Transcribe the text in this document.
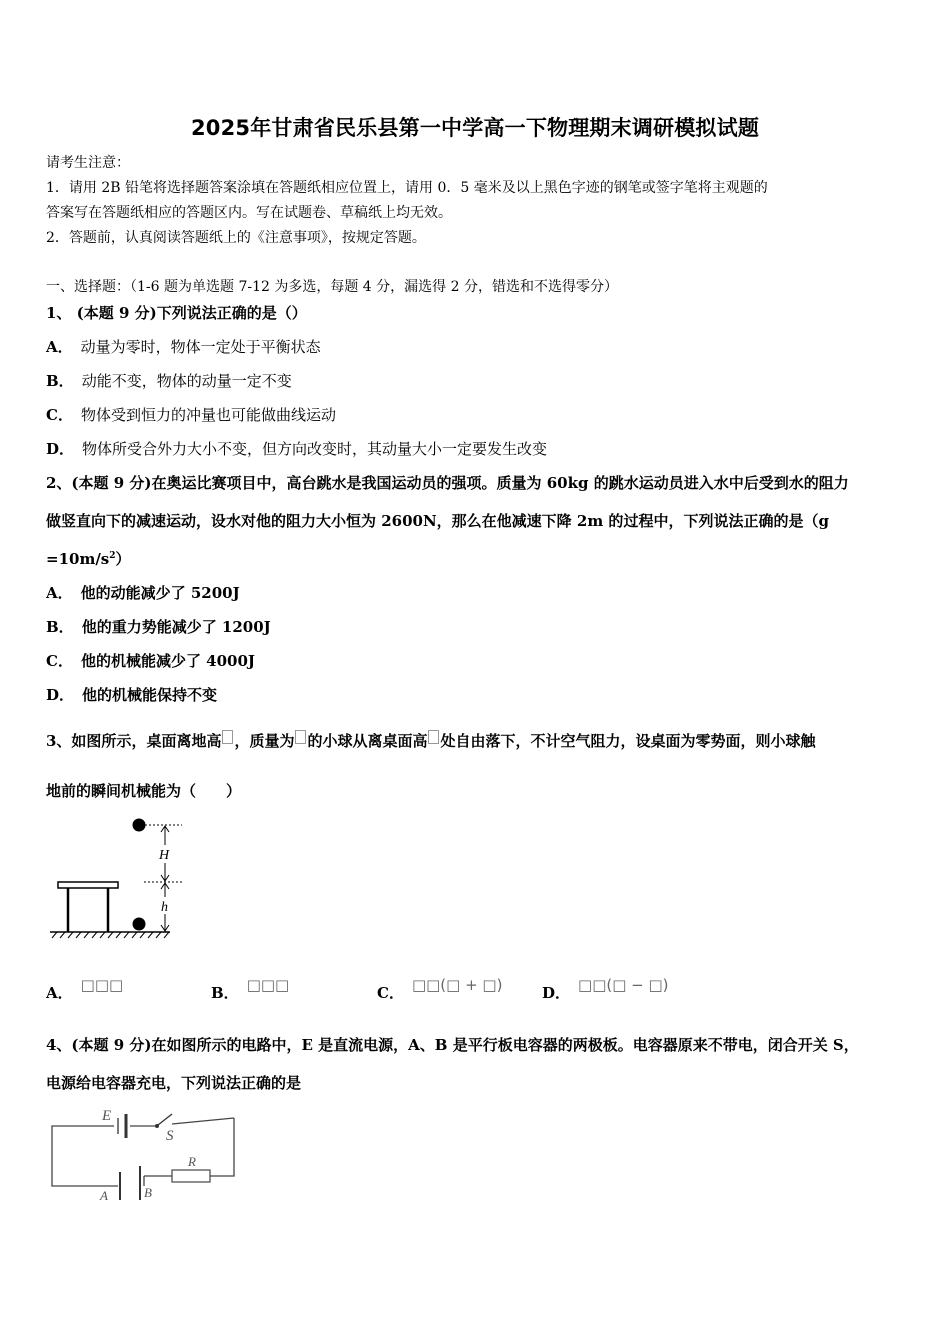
2025年甘肃省民乐县第一中学高一下物理期末调研模拟试题
请考生注意：
1．请用 2B 铅笔将选择题答案涂填在答题纸相应位置上，请用 0．5 毫米及以上黑色字迹的钢笔或签字笔将主观题的
答案写在答题纸相应的答题区内。写在试题卷、草稿纸上均无效。
2．答题前，认真阅读答题纸上的《注意事项》，按规定答题。
一、选择题：（1-6 题为单选题 7-12 为多选，每题 4 分，漏选得 2 分，错选和不选得零分）
1、 (本题 9 分)下列说法正确的是（）
A． 动量为零时，物体一定处于平衡状态
B． 动能不变，物体的动量一定不变
C． 物体受到恒力的冲量也可能做曲线运动
D． 物体所受合外力大小不变，但方向改变时，其动量大小一定要发生改变
2、(本题 9 分)在奥运比赛项目中，高台跳水是我国运动员的强项。质量为 60kg 的跳水运动员进入水中后受到水的阻力
做竖直向下的减速运动，设水对他的阻力大小恒为 2600N，那么在他减速下降 2m 的过程中，下列说法正确的是（g
$=10m/s^2$）
A． 他的动能减少了 5200J
B． 他的重力势能减少了 1200J
C． 他的机械能减少了 4000J
D． 他的机械能保持不变
3、如图所示，桌面离地高 ，质量为 的小球从离桌面高 处自由落下，不计空气阻力，设桌面为零势面，则小球触
地前的瞬间机械能为（　　）
H
h
A． □□□	B． □□□	C． □□(□ + □)	D． □□(□ − □)
4、(本题 9 分)在如图所示的电路中，E 是直流电源，A、B 是平行板电容器的两极板。电容器原来不带电，闭合开关 S，
电源给电容器充电，下列说法正确的是
E
S
R
A	B
